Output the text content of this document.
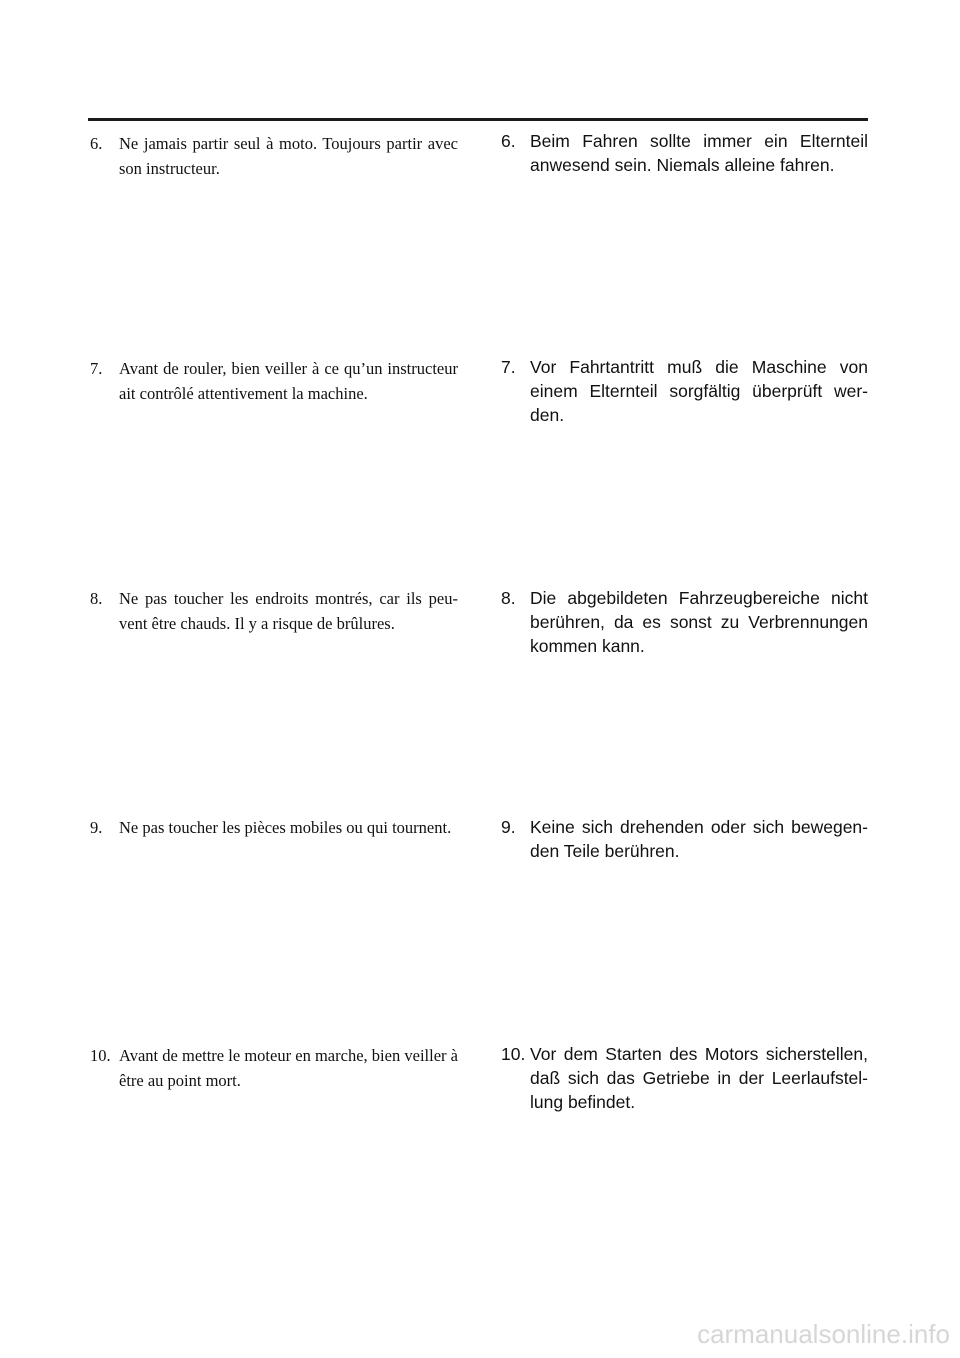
6. Ne jamais partir seul à moto. Toujours partir avec son instructeur.
6. Beim Fahren sollte immer ein Elternteil anwesend sein. Niemals alleine fahren.
7. Avant de rouler, bien veiller à ce qu’un instructeur ait contrôlé attentivement la machine.
7. Vor Fahrtantritt muß die Maschine von einem Elternteil sorgfältig überprüft werden.
8. Ne pas toucher les endroits montrés, car ils peuvent être chauds. Il y a risque de brûlures.
8. Die abgebildeten Fahrzeugbereiche nicht berühren, da es sonst zu Verbrennungen kommen kann.
9. Ne pas toucher les pièces mobiles ou qui tournent.	9. Keine sich drehenden oder sich bewegenden Teile berühren.
10. Avant de mettre le moteur en marche, bien veiller à être au point mort.
10. Vor dem Starten des Motors sicherstellen, daß sich das Getriebe in der Leerlaufstellung befindet.
carmanualsonline.info
